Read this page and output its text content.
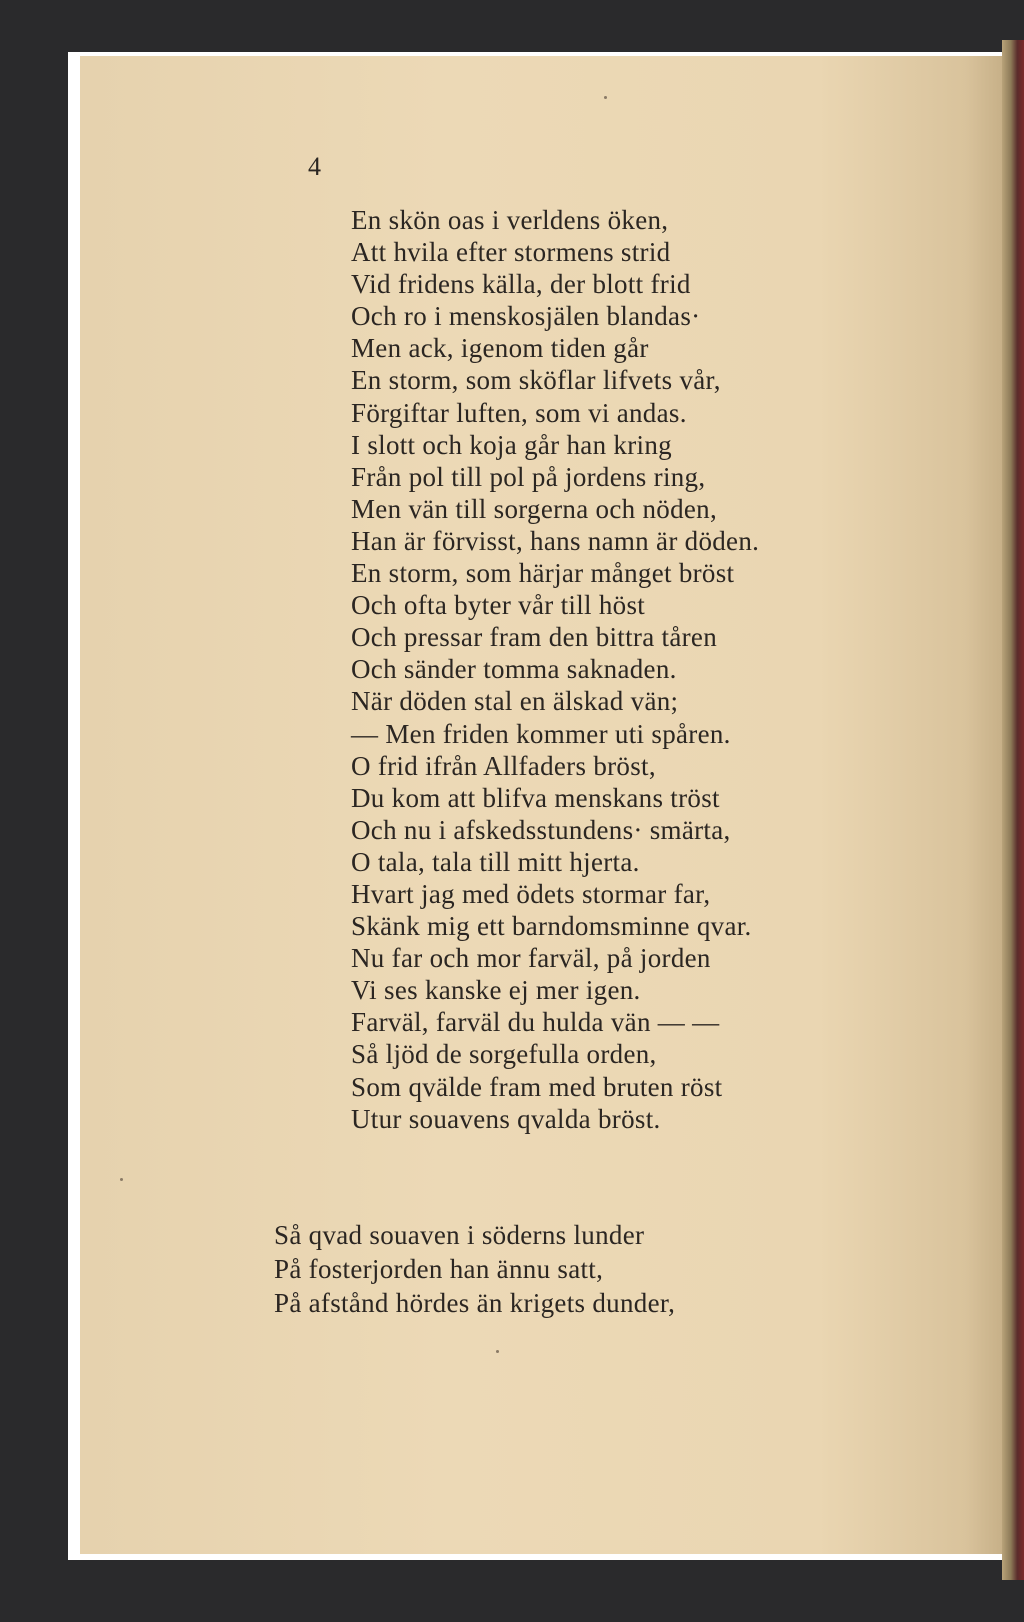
4
En skön oas i verldens öken,
Att hvila efter stormens strid
Vid fridens källa, der blott frid
Och ro i menskosjälen blandas·
Men ack, igenom tiden går
En storm, som sköflar lifvets vår,
Förgiftar luften, som vi andas.
I slott och koja går han kring
Från pol till pol på jordens ring,
Men vän till sorgerna och nöden,
Han är förvisst, hans namn är döden.
En storm, som härjar månget bröst
Och ofta byter vår till höst
Och pressar fram den bittra tåren
Och sänder tomma saknaden.
När döden stal en älskad vän;
— Men friden kommer uti spåren.
O frid ifrån Allfaders bröst,
Du kom att blifva menskans tröst
Och nu i afskedsstundens· smärta,
O tala, tala till mitt hjerta.
Hvart jag med ödets stormar far,
Skänk mig ett barndomsminne qvar.
Nu far och mor farväl, på jorden
Vi ses kanske ej mer igen.
Farväl, farväl du hulda vän — —
Så ljöd de sorgefulla orden,
Som qvälde fram med bruten röst
Utur souavens qvalda bröst.
Så qvad souaven i söderns lunder
På fosterjorden han ännu satt,
På afstånd hördes än krigets dunder,
